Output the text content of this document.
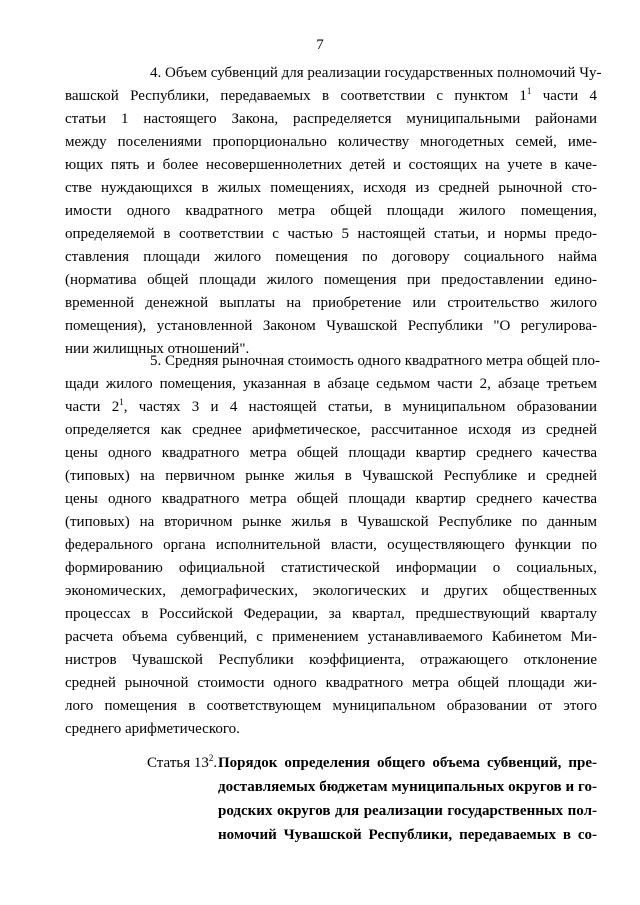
7
4. Объем субвенций для реализации государственных полномочий Чу-
вашской Республики, передаваемых в соответствии с пунктом $1^1$ части 4
статьи 1 настоящего Закона, распределяется муниципальными районами
между поселениями пропорционально количеству многодетных семей, име-
ющих пять и более несовершеннолетних детей и состоящих на учете в каче-
стве нуждающихся в жилых помещениях, исходя из средней рыночной сто-
имости одного квадратного метра общей площади жилого помещения,
определяемой в соответствии с частью 5 настоящей статьи, и нормы предо-
ставления площади жилого помещения по договору социального найма
(норматива общей площади жилого помещения при предоставлении едино-
временной денежной выплаты на приобретение или строительство жилого
помещения), установленной Законом Чувашской Республики "О регулирова-
нии жилищных отношений".
5. Средняя рыночная стоимость одного квадратного метра общей пло-
щади жилого помещения, указанная в абзаце седьмом части 2, абзаце третьем
части $2^1$, частях 3 и 4 настоящей статьи, в муниципальном образовании
определяется как среднее арифметическое, рассчитанное исходя из средней
цены одного квадратного метра общей площади квартир среднего качества
(типовых) на первичном рынке жилья в Чувашской Республике и средней
цены одного квадратного метра общей площади квартир среднего качества
(типовых) на вторичном рынке жилья в Чувашской Республике по данным
федерального органа исполнительной власти, осуществляющего функции по
формированию официальной статистической информации о социальных,
экономических, демографических, экологических и других общественных
процессах в Российской Федерации, за квартал, предшествующий кварталу
расчета объема субвенций, с применением устанавливаемого Кабинетом Ми-
нистров Чувашской Республики коэффициента, отражающего отклонение
средней рыночной стоимости одного квадратного метра общей площади жи-
лого помещения в соответствующем муниципальном образовании от этого
среднего арифметического.
Статья $13^2$. Порядок определения общего объема субвенций, пре-
доставляемых бюджетам муниципальных округов и го-
родских округов для реализации государственных пол-
номочий Чувашской Республики, передаваемых в со-
